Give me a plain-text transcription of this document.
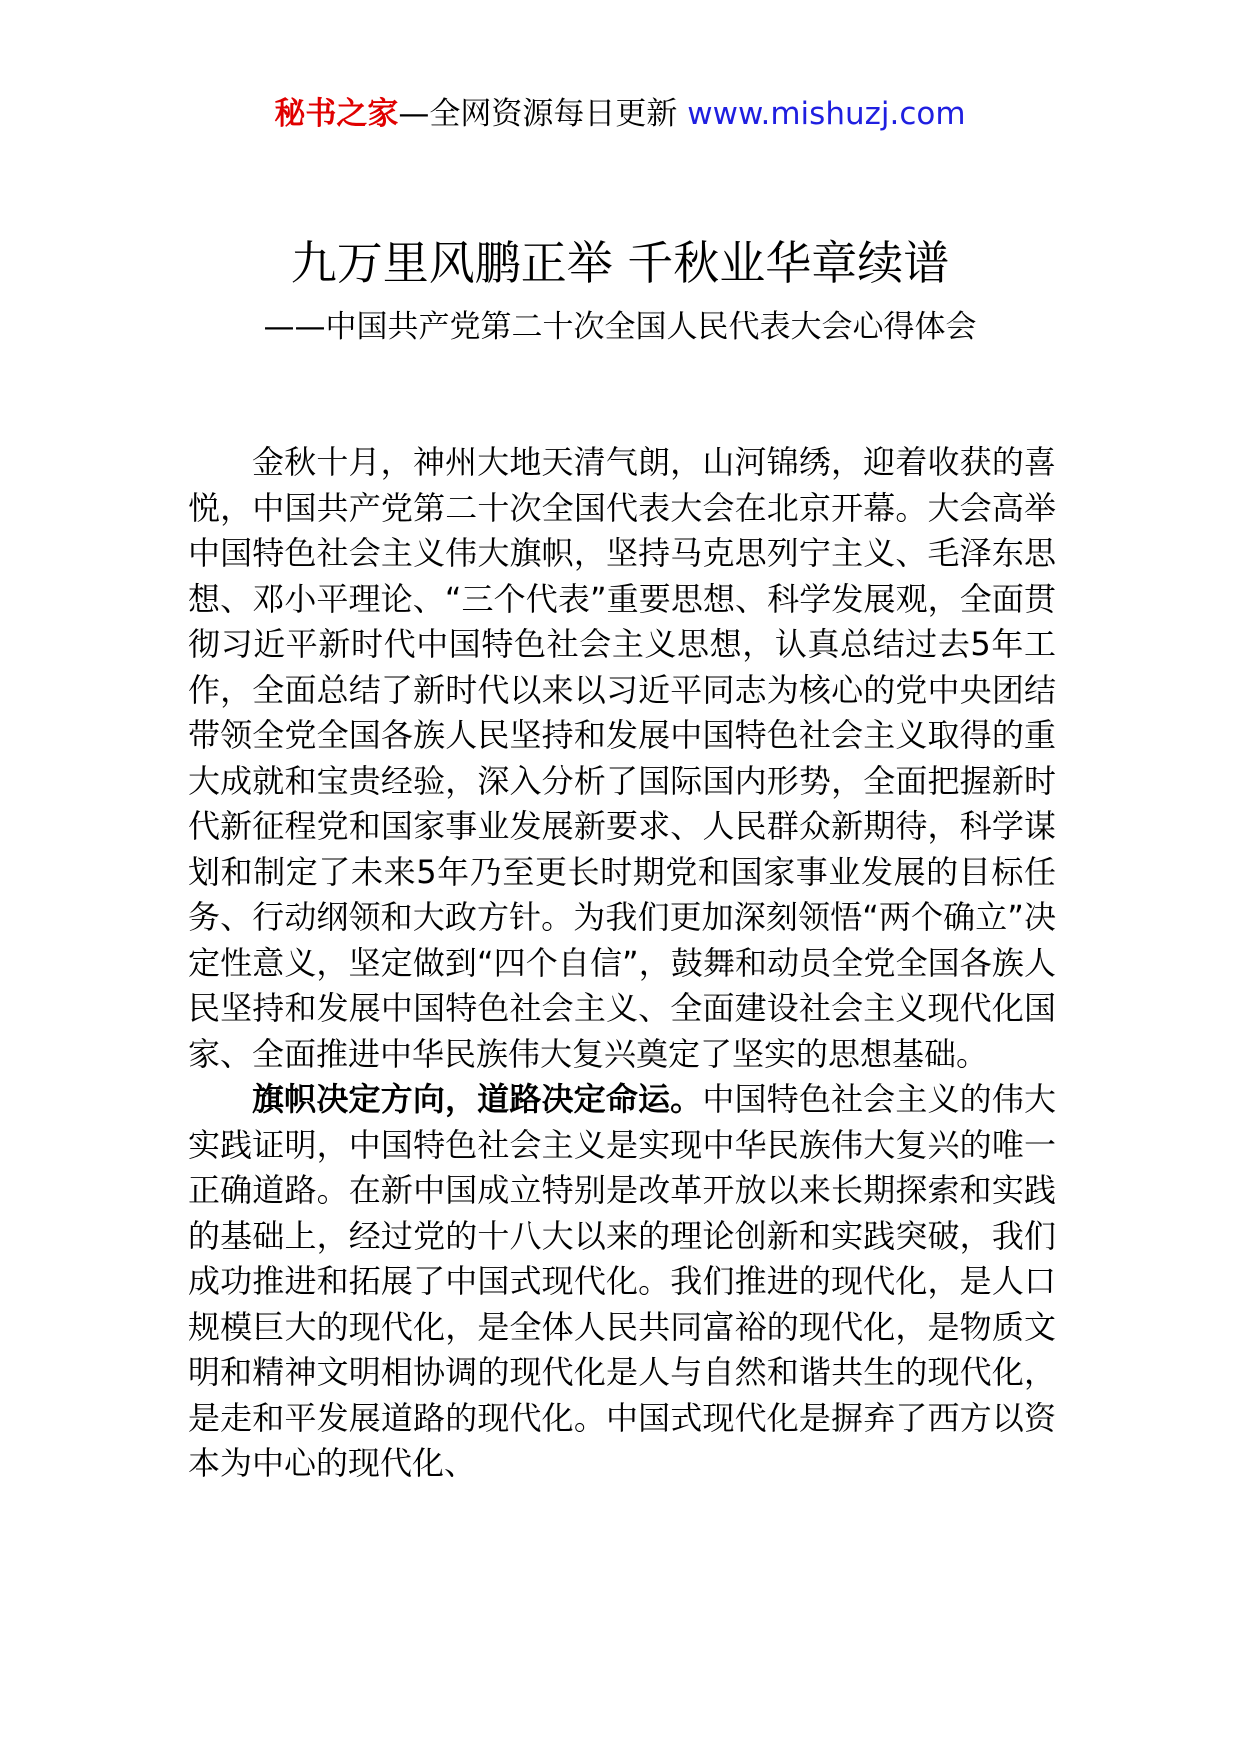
秘书之家—全网资源每日更新 www.mishuzj.com
九万里风鹏正举 千秋业华章续谱
——中国共产党第二十次全国人民代表大会心得体会

金秋十月，神州大地天清气朗，山河锦绣，迎着收获的喜悦，中国共产党第二十次全国代表大会在北京开幕。大会高举中国特色社会主义伟大旗帜，坚持马克思列宁主义、毛泽东思想、邓小平理论、“三个代表”重要思想、科学发展观，全面贯彻习近平新时代中国特色社会主义思想，认真总结过去5年工作，全面总结了新时代以来以习近平同志为核心的党中央团结带领全党全国各族人民坚持和发展中国特色社会主义取得的重大成就和宝贵经验，深入分析了国际国内形势，全面把握新时代新征程党和国家事业发展新要求、人民群众新期待，科学谋划和制定了未来5年乃至更长时期党和国家事业发展的目标任务、行动纲领和大政方针。为我们更加深刻领悟“两个确立”决定性意义，坚定做到“四个自信”，鼓舞和动员全党全国各族人民坚持和发展中国特色社会主义、全面建设社会主义现代化国家、全面推进中华民族伟大复兴奠定了坚实的思想基础。

旗帜决定方向，道路决定命运。中国特色社会主义的伟大实践证明，中国特色社会主义是实现中华民族伟大复兴的唯一正确道路。在新中国成立特别是改革开放以来长期探索和实践的基础上，经过党的十八大以来的理论创新和实践突破，我们成功推进和拓展了中国式现代化。我们推进的现代化，是人口规模巨大的现代化，是全体人民共同富裕的现代化，是物质文明和精神文明相协调的现代化是人与自然和谐共生的现代化，是走和平发展道路的现代化。中国式现代化是摒弃了西方以资本为中心的现代化、
